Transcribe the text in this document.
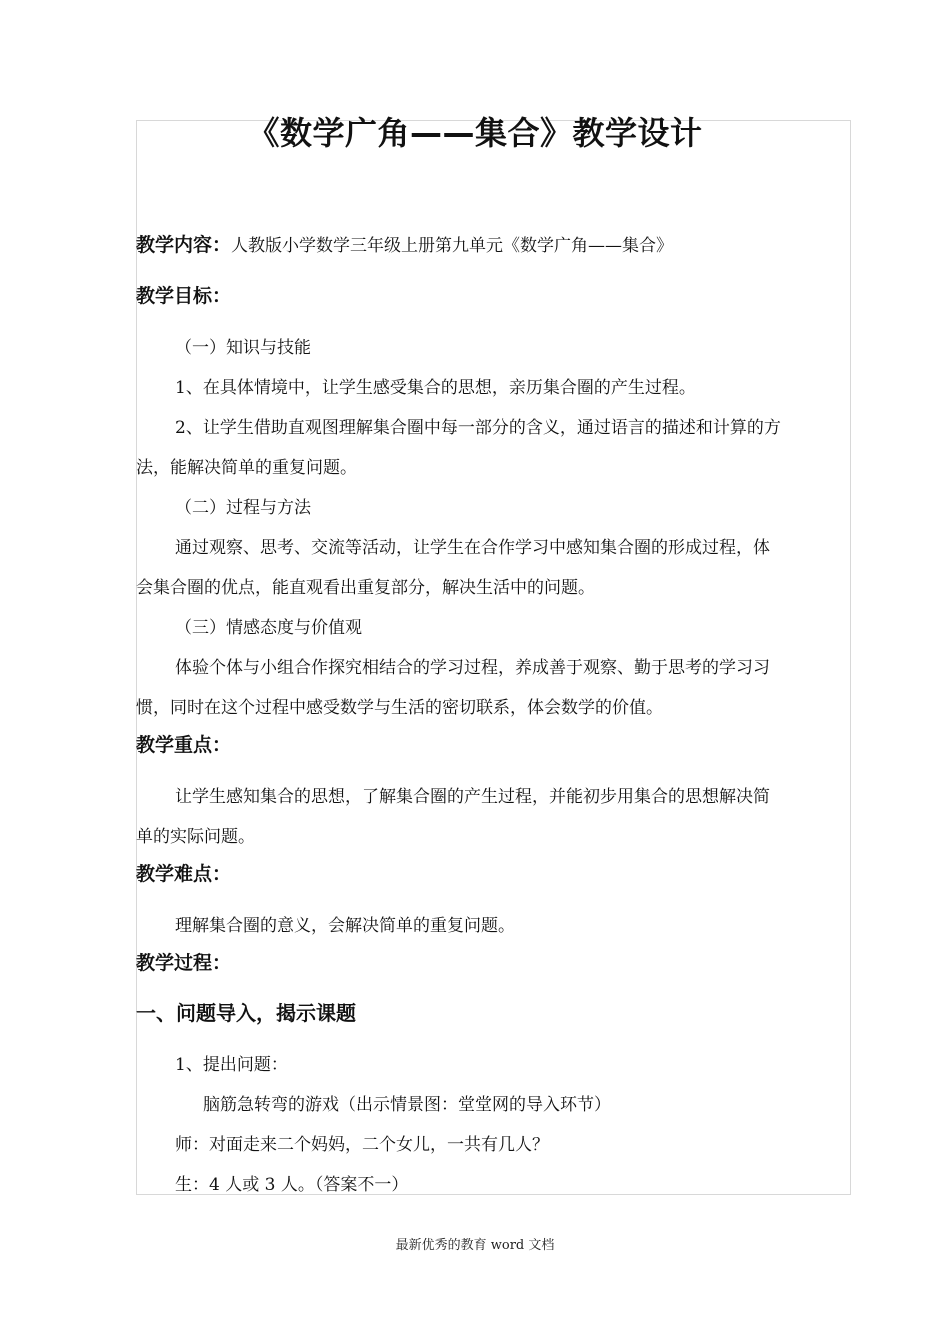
《数学广角——集合》教学设计
教学内容：人教版小学数学三年级上册第九单元《数学广角——集合》
教学目标：
（一）知识与技能
1、在具体情境中，让学生感受集合的思想，亲历集合圈的产生过程。
2、让学生借助直观图理解集合圈中每一部分的含义，通过语言的描述和计算的方
法，能解决简单的重复问题。
（二）过程与方法
通过观察、思考、交流等活动，让学生在合作学习中感知集合圈的形成过程，体
会集合圈的优点，能直观看出重复部分，解决生活中的问题。
（三）情感态度与价值观
体验个体与小组合作探究相结合的学习过程，养成善于观察、勤于思考的学习习
惯，同时在这个过程中感受数学与生活的密切联系，体会数学的价值。
教学重点：
让学生感知集合的思想，了解集合圈的产生过程，并能初步用集合的思想解决简
单的实际问题。
教学难点：
理解集合圈的意义，会解决简单的重复问题。
教学过程：
一、问题导入，揭示课题
1、提出问题：
脑筋急转弯的游戏（出示情景图：堂堂网的导入环节）
师：对面走来二个妈妈，二个女儿，一共有几人？
生：4 人或 3 人。（答案不一）
最新优秀的教育 word 文档
